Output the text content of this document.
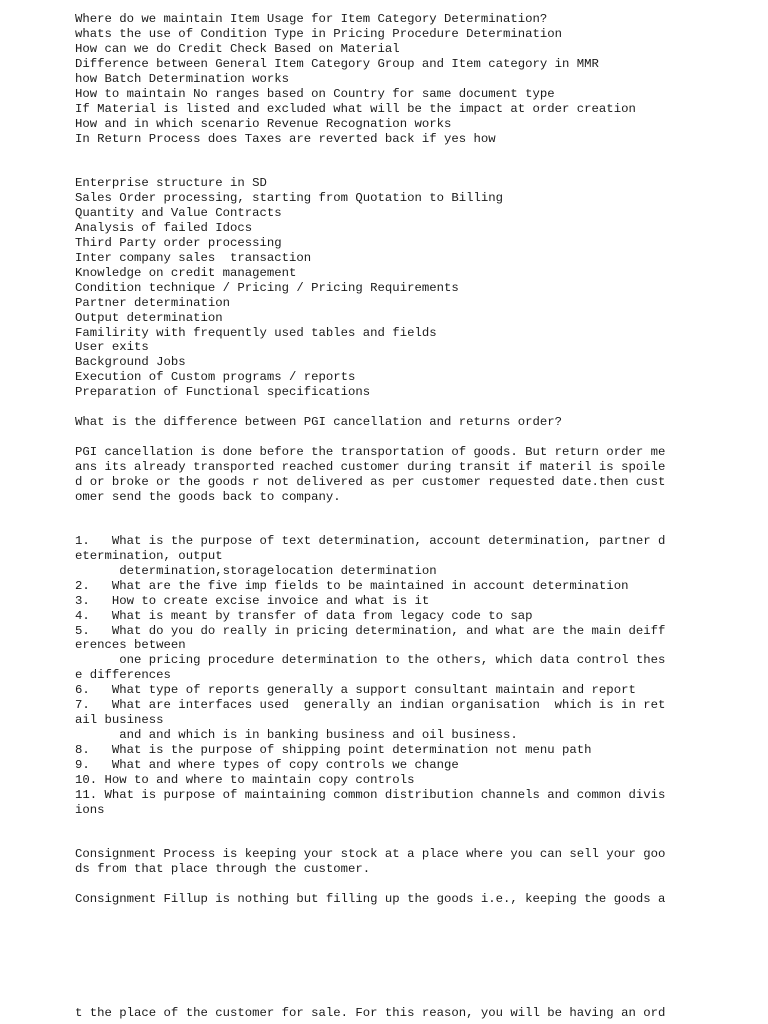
Where do we maintain Item Usage for Item Category Determination?

whats the use of Condition Type in Pricing Procedure Determination

How can we do Credit Check Based on Material

Difference between General Item Category Group and Item category in MMR

how Batch Determination works

How to maintain No ranges based on Country for same document type

If Material is listed and excluded what will be the impact at order creation

How and in which scenario Revenue Recognation works

In Return Process does Taxes are reverted back if yes how

Enterprise structure in SD

Sales Order processing, starting from Quotation to Billing

Quantity and Value Contracts

Analysis of failed Idocs

Third Party order processing

Inter company sales  transaction

Knowledge on credit management

Condition technique / Pricing / Pricing Requirements

Partner determination

Output determination

Familirity with frequently used tables and fields

User exits

Background Jobs

Execution of Custom programs / reports

Preparation of Functional specifications

What is the difference between PGI cancellation and returns order?

PGI cancellation is done before the transportation of goods. But return order me

ans its already transported reached customer during transit if materil is spoile

d or broke or the goods r not delivered as per customer requested date.then cust

omer send the goods back to company.

1.   What is the purpose of text determination, account determination, partner d

etermination, output

determination,storagelocation determination

2.   What are the five imp fields to be maintained in account determination

3.   How to create excise invoice and what is it

4.   What is meant by transfer of data from legacy code to sap

5.   What do you do really in pricing determination, and what are the main deiff

erences between

one pricing procedure determination to the others, which data control thes

e differences

6.   What type of reports generally a support consultant maintain and report

7.   What are interfaces used  generally an indian organisation  which is in ret

ail business

and and which is in banking business and oil business.

8.   What is the purpose of shipping point determination not menu path

9.   What and where types of copy controls we change

10. How to and where to maintain copy controls

11. What is purpose of maintaining common distribution channels and common divis

ions

Consignment Process is keeping your stock at a place where you can sell your goo

ds from that place through the customer.

Consignment Fillup is nothing but filling up the goods i.e., keeping the goods a

t the place of the customer for sale. For this reason, you will be having an ord
